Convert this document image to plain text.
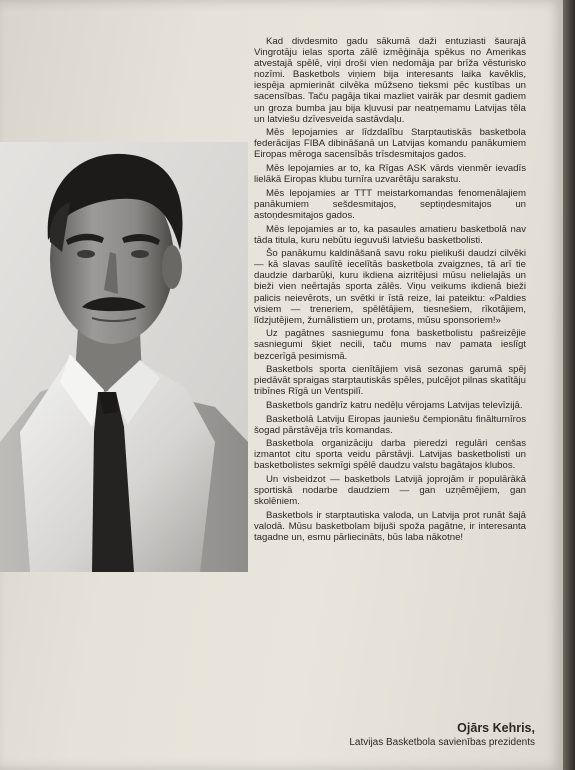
Kad divdesmito gadu sākumā daži entuziasti šaurajā Vingrotāju ielas sporta zālē izmēģināja spēkus no Amerikas atvestajā spēlē, viņi droši vien nedomāja par brīža vēsturisko nozīmi. Basketbols viņiem bija interesants laika kavēklis, iespēja apmierināt cilvēka mūžseno tieksmi pēc kustības un sacensības. Taču pagāja tikai mazliet vairāk par desmit gadiem un groza bumba jau bija kļuvusi par neatņemamu Latvijas tēla un latviešu dzīvesveida sastāvdaļu.

Mēs lepojamies ar līdzdalību Starptautiskās basketbola federācijas FIBA dibināšanā un Latvijas komandu panākumiem Eiropas mēroga sacensībās trīsdesmitajos gados.

Mēs lepojamies ar to, ka Rīgas ASK vārds vienmēr ievadīs lielākā Eiropas klubu turnīra uzvarētāju sarakstu.

Mēs lepojamies ar TTT meistarkomandas fenomenālajiem panākumiem sešdesmitajos, septiņdesmitajos un astoņdesmitajos gados.

Mēs lepojamies ar to, ka pasaules amatieru basketbolā nav tāda titula, kuru nebūtu ieguvuši latviešu basketbolisti.

Šo panākumu kaldināšanā savu roku pielikuši daudzi cilvēki — kā slavas saulītē iecelītās basketbola zvaigznes, tā arī tie daudzie darbarūķi, kuru ikdiena aizritējusi mūsu nelielajās un bieži vien neērtajās sporta zālēs. Viņu veikums ikdienā bieži palicis neievērots, un svētki ir īstā reize, lai pateiktu: «Paldies visiem — treneriem, spēlētājiem, tiesnešiem, rīkotājiem, līdzjutējiem, žurnālistiem un, protams, mūsu sponsoriem!»

Uz pagātnes sasniegumu fona basketbolistu pašreizējie sasniegumi šķiet necili, taču mums nav pamata ieslīgt bezcerīgā pesimismā.

Basketbols sporta cienītājiem visā sezonas garumā spēj piedāvāt spraigas starptautiskās spēles, pulcējot pilnas skatītāju tribīnes Rīgā un Ventspilī.

Basketbols gandrīz katru nedēļu vērojams Latvijas televīzijā.

Basketbolā Latviju Eiropas jauniešu čempionātu finālturnīros šogad pārstāvēja trīs komandas.

Basketbola organizāciju darba pieredzi regulāri cenšas izmantot citu sporta veidu pārstāvji. Latvijas basketbolisti un basketbolistes sekmīgi spēlē daudzu valstu bagātajos klubos.

Un visbeidzot — basketbols Latvijā joprojām ir populārākā sportiskā nodarbe daudziem — gan uzņēmējiem, gan skolēniem.

Basketbols ir starptautiska valoda, un Latvija prot runāt šajā valodā. Mūsu basketbolam bijuši spoža pagātne, ir interesanta tagadne un, esmu pārliecināts, būs laba nākotne!

Ojārs Kehris,
Latvijas Basketbola savienības prezidents
